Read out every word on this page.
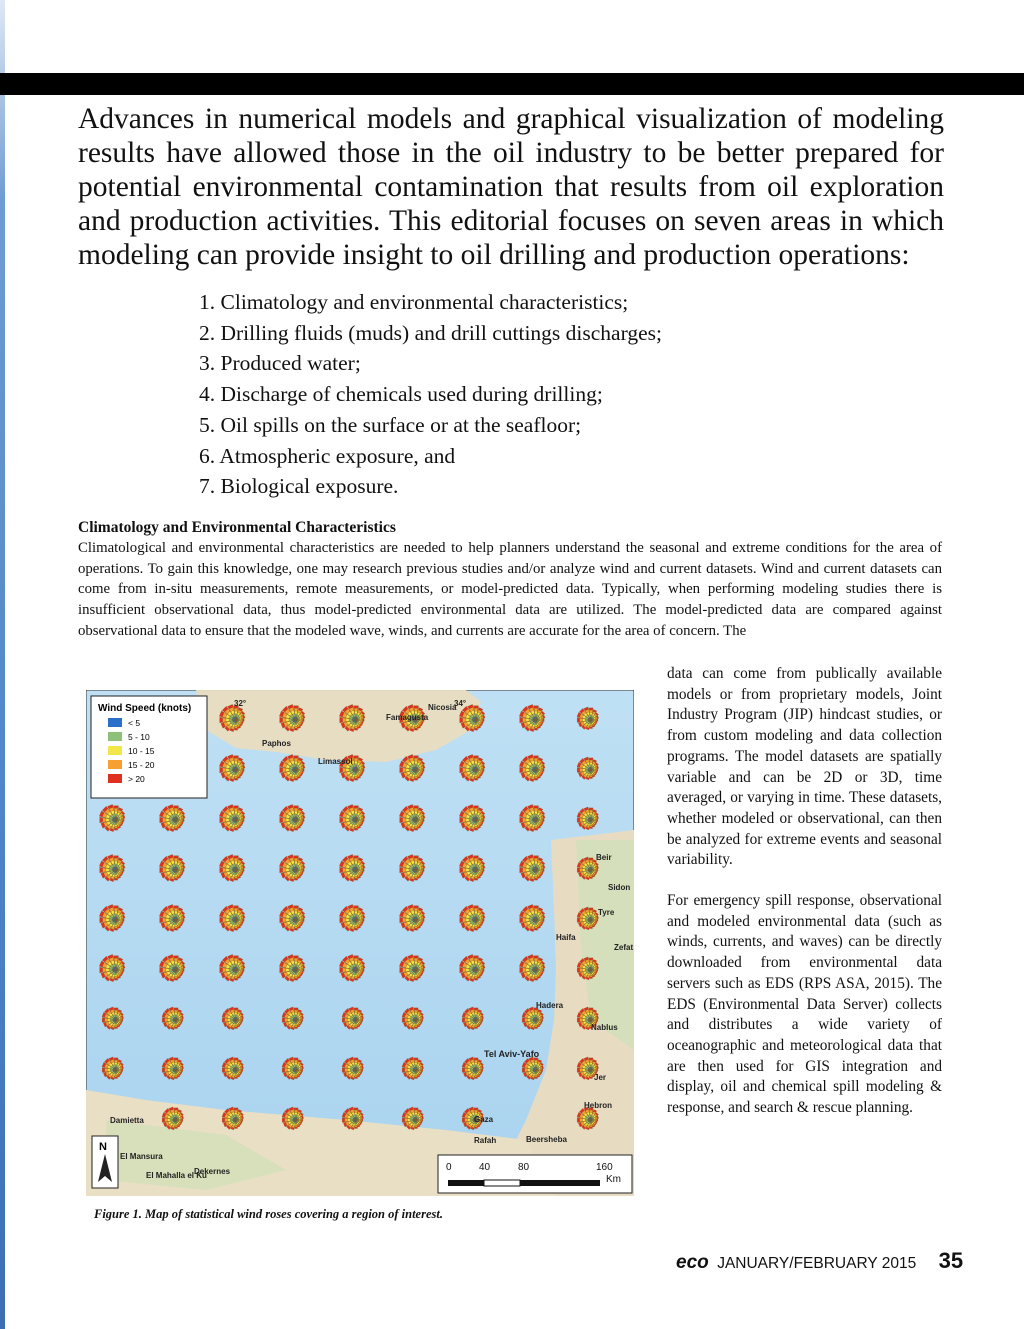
Advances in numerical models and graphical visualization of modeling results have allowed those in the oil industry to be better prepared for potential environmental contamination that results from oil exploration and production activities. This editorial focuses on seven areas in which modeling can provide insight to oil drilling and production operations:

1. Climatology and environmental characteristics;
2. Drilling fluids (muds) and drill cuttings discharges;
3. Produced water;
4. Discharge of chemicals used during drilling;
5. Oil spills on the surface or at the seafloor;
6. Atmospheric exposure, and
7. Biological exposure.
Climatology and Environmental Characteristics

Climatological and environmental characteristics are needed to help planners understand the seasonal and extreme conditions for the area of operations. To gain this knowledge, one may research previous studies and/or analyze wind and current datasets. Wind and current datasets can come from in-situ measurements, remote measurements, or model-predicted data. Typically, when performing modeling studies there is insufficient observational data, thus model-predicted environmental data are utilized. The model-predicted data are compared against observational data to ensure that the modeled wave, winds, and currents are accurate for the area of concern. The

data can come from publically available models or from proprietary models, Joint Industry Program (JIP) hindcast studies, or from custom modeling and data collection programs. The model datasets are spatially variable and can be 2D or 3D, time averaged, or varying in time. These datasets, whether modeled or observational, can then be analyzed for extreme events and seasonal variability.

For emergency spill response, observational and modeled environmental data (such as winds, currents, and waves) can be directly downloaded from environmental data servers such as EDS (RPS ASA, 2015). The EDS (Environmental Data Server) collects and distributes a wide variety of oceanographic and meteorological data that are then used for GIS integration and display, oil and chemical spill modeling & response, and search & rescue planning.

Wind Speed (knots)
< 5
5 - 10
10 - 15
15 - 20
> 20
Tel Aviv-Yafo
El Mansura
Beir
Haifa
Limassol
Gaza
Dekernes
Damietta
Jer
Tyre
Nablus
Hadera
El Mahalla el Ku
Zefat
Rafah
Hebron
Beersheba
Paphos
Famagusta
Nicosia
Sidon
32°	34°
N
0	40	80	160
Km

Figure 1. Map of statistical wind roses covering a region of interest.

eco JANUARY/FEBRUARY 2015 35
